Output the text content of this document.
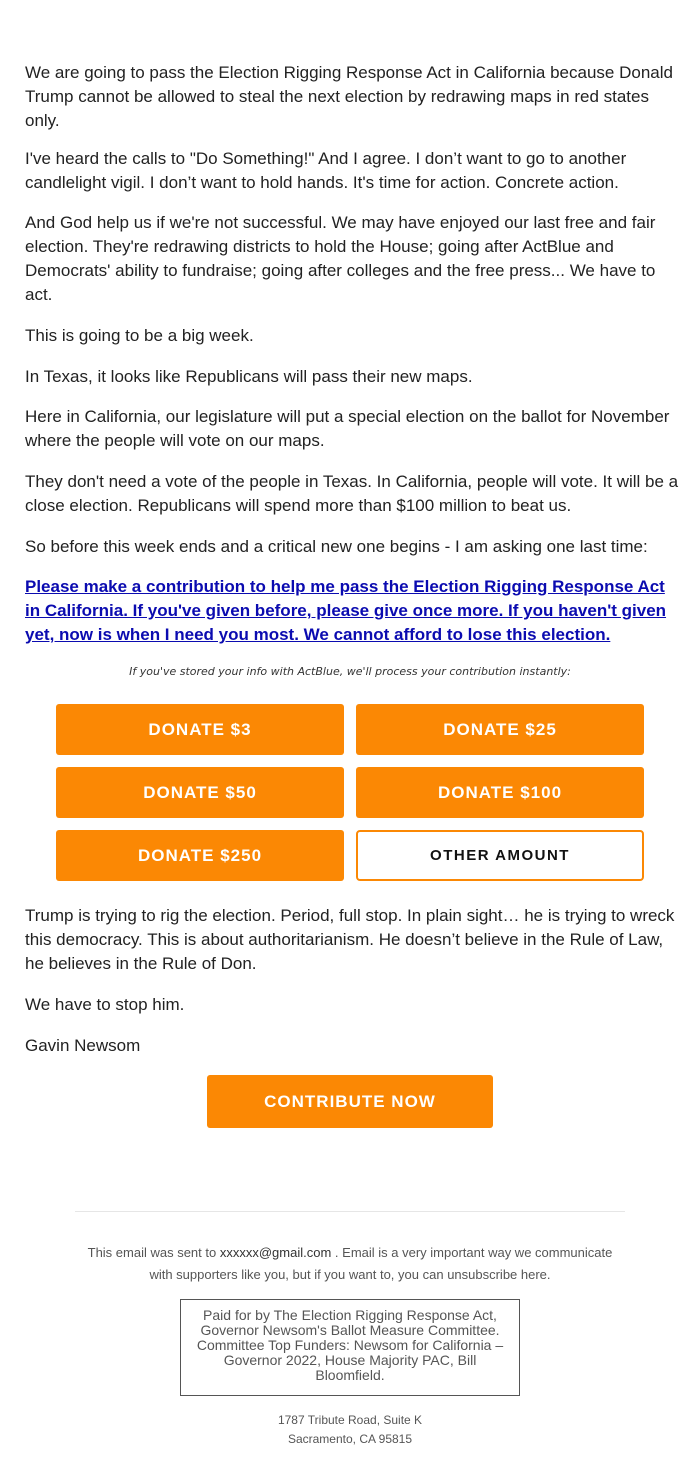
We are going to pass the Election Rigging Response Act in California because Donald Trump cannot be allowed to steal the next election by redrawing maps in red states only.

I've heard the calls to "Do Something!" And I agree. I don’t want to go to another candlelight vigil. I don’t want to hold hands. It's time for action. Concrete action.

And God help us if we're not successful. We may have enjoyed our last free and fair election. They're redrawing districts to hold the House; going after ActBlue and Democrats' ability to fundraise; going after colleges and the free press... We have to act.

This is going to be a big week.

In Texas, it looks like Republicans will pass their new maps.

Here in California, our legislature will put a special election on the ballot for November where the people will vote on our maps.

They don't need a vote of the people in Texas. In California, people will vote. It will be a close election. Republicans will spend more than $100 million to beat us.

So before this week ends and a critical new one begins - I am asking one last time:

Please make a contribution to help me pass the Election Rigging Response Act in California. If you've given before, please give once more. If you haven't given yet, now is when I need you most. We cannot afford to lose this election.
If you've stored your info with ActBlue, we'll process your contribution instantly:
DONATE $3	DONATE $25
DONATE $50	DONATE $100
DONATE $250	OTHER AMOUNT

Trump is trying to rig the election. Period, full stop. In plain sight… he is trying to wreck this democracy. This is about authoritarianism. He doesn’t believe in the Rule of Law, he believes in the Rule of Don.

We have to stop him.

Gavin Newsom

CONTRIBUTE NOW
This email was sent to xxxxxx@gmail.com . Email is a very important way we communicate with supporters like you, but if you want to, you can unsubscribe here.
Paid for by The Election Rigging Response Act, Governor Newsom's Ballot Measure Committee. Committee Top Funders: Newsom for California – Governor 2022, House Majority PAC, Bill Bloomfield.
1787 Tribute Road, Suite K
Sacramento, CA 95815
